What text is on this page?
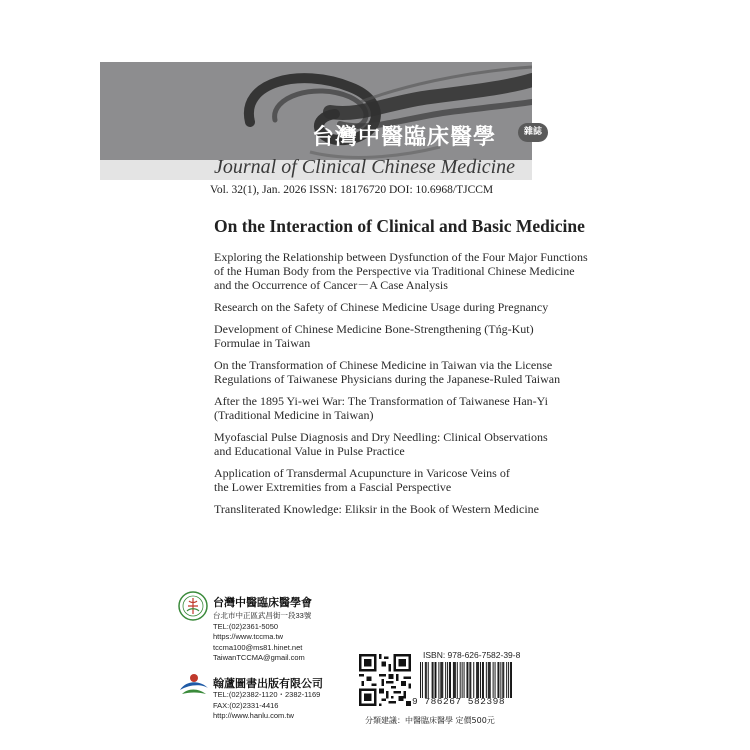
台灣中醫臨床醫學	雜誌
Journal of Clinical Chinese Medicine
Vol. 32(1), Jan. 2026 ISSN: 18176720 DOI: 10.6968/TJCCM
On the Interaction of Clinical and Basic Medicine
Exploring the Relationship between Dysfunction of the Four Major Functions
of the Human Body from the Perspective via Traditional Chinese Medicine
and the Occurrence of Cancer－A Case Analysis
Research on the Safety of Chinese Medicine Usage during Pregnancy
Development of Chinese Medicine Bone-Strengthening (Tńg-Kut)
Formulae in Taiwan
On the Transformation of Chinese Medicine in Taiwan via the License
Regulations of Taiwanese Physicians during the Japanese-Ruled Taiwan
After the 1895 Yi-wei War: The Transformation of Taiwanese Han-Yi
(Traditional Medicine in Taiwan)
Myofascial Pulse Diagnosis and Dry Needling: Clinical Observations
and Educational Value in Pulse Practice
Application of Transdermal Acupuncture in Varicose Veins of
the Lower Extremities from a Fascial Perspective
Transliterated Knowledge: Eliksir in the Book of Western Medicine
台灣中醫臨床醫學會
台北市中正區武昌街一段33號
TEL:(02)2361-5050
https://www.tccma.tw
tccma100@ms81.hinet.net
TaiwanTCCMA@gmail.com
翰蘆圖書出版有限公司
TEL:(02)2382-1120・2382-1169
FAX:(02)2331-4416
http://www.hanlu.com.tw
ISBN: 978-626-7582-39-8
9 786267 582398
分類建議：中醫臨床醫學 定價500元
